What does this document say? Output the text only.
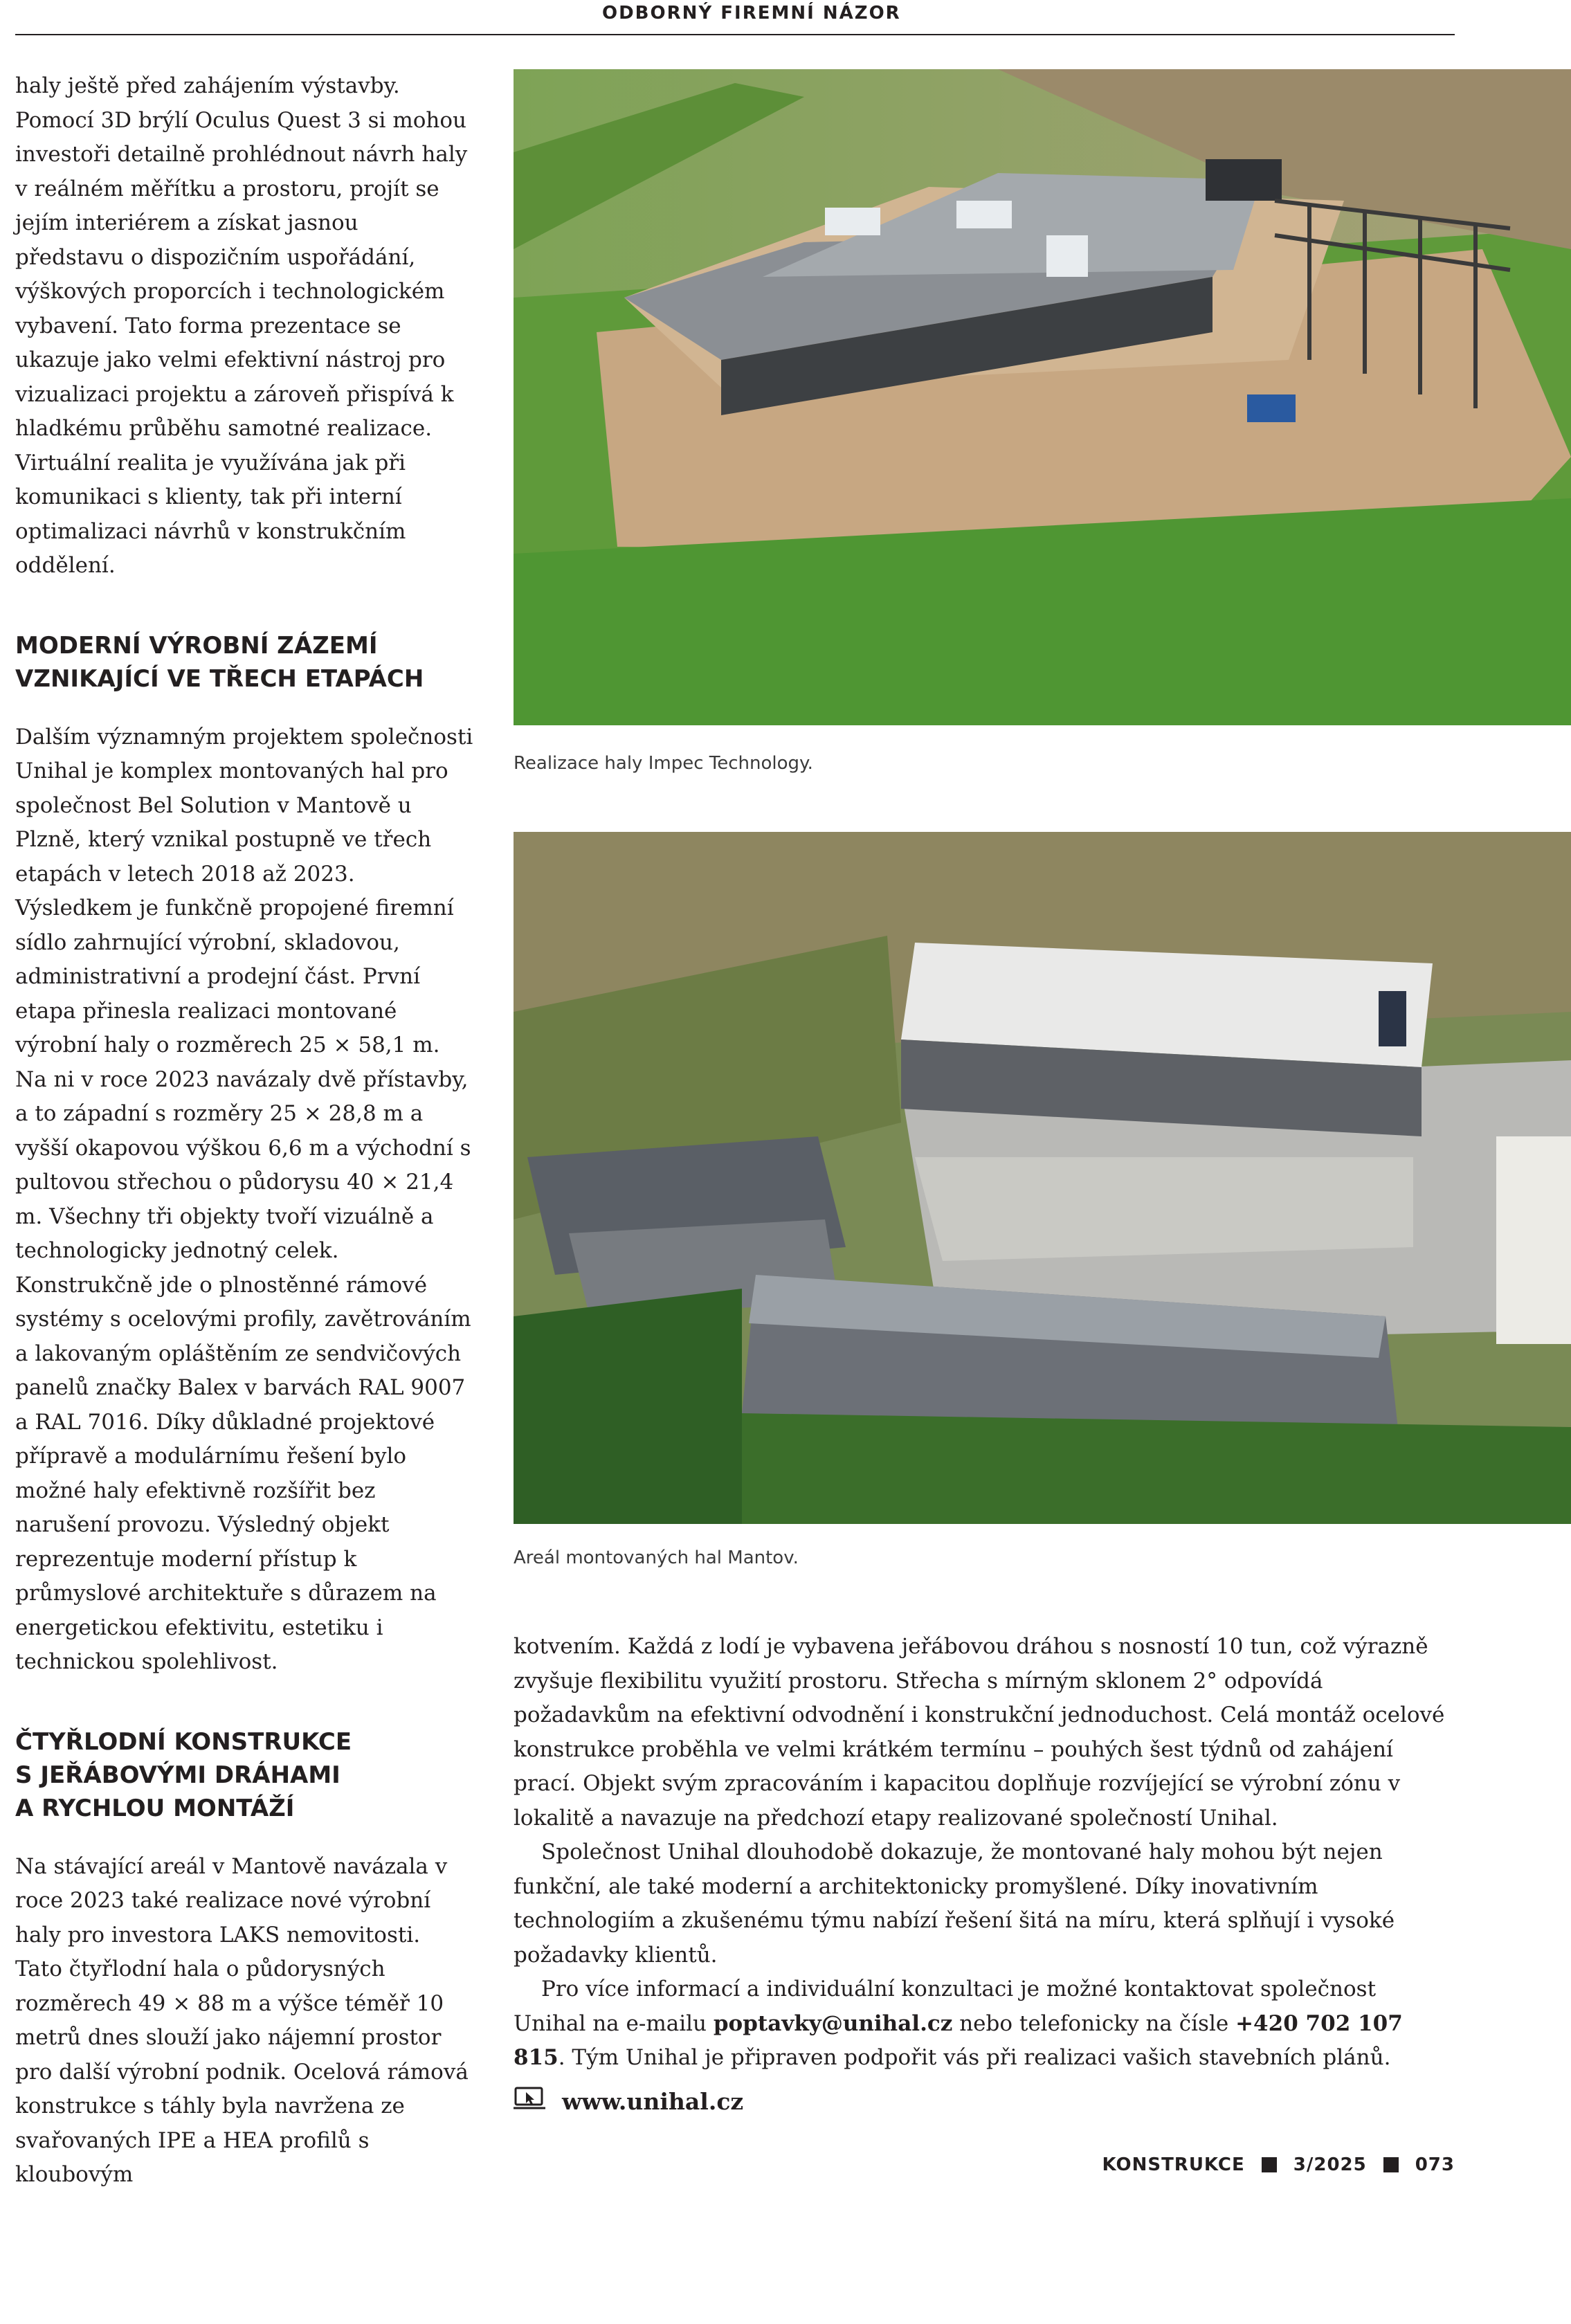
ODBORNÝ FIREMNÍ NÁZOR

haly ještě před zahájením výstavby. Pomocí 3D brýlí Oculus Quest 3 si mohou investoři detailně prohlédnout návrh haly v reálném měřítku a prostoru, projít se jejím interiérem a získat jasnou představu o dispozičním uspořádání, výškových proporcích i technologickém vybavení. Tato forma prezentace se ukazuje jako velmi efektivní nástroj pro vizualizaci projektu a zároveň přispívá k hladkému průběhu samotné realizace. Virtuální realita je využívána jak při komunikaci s klienty, tak při interní optimalizaci návrhů v konstrukčním oddělení.

MODERNÍ VÝROBNÍ ZÁZEMÍ
VZNIKAJÍCÍ VE TŘECH ETAPÁCH

Dalším významným projektem společnosti Unihal je komplex montovaných hal pro společnost Bel Solution v Mantově u Plzně, který vznikal postupně ve třech etapách v letech 2018 až 2023. Výsledkem je funkčně propojené firemní sídlo zahrnující výrobní, skladovou, administrativní a prodejní část. První etapa přinesla realizaci montované výrobní haly o rozměrech 25 × 58,1 m. Na ni v roce 2023 navázaly dvě přístavby, a to západní s rozměry 25 × 28,8 m a vyšší okapovou výškou 6,6 m a východní s pultovou střechou o půdorysu 40 × 21,4 m. Všechny tři objekty tvoří vizuálně a technologicky jednotný celek. Konstrukčně jde o plnostěnné rámové systémy s ocelovými profily, zavětrováním a lakovaným opláštěním ze sendvičových panelů značky Balex v barvách RAL 9007 a RAL 7016. Díky důkladné projektové přípravě a modulárnímu řešení bylo možné haly efektivně rozšířit bez narušení provozu. Výsledný objekt reprezentuje moderní přístup k průmyslové architektuře s důrazem na energetickou efektivitu, estetiku i technickou spolehlivost.

ČTYŘLODNÍ KONSTRUKCE
S JEŘÁBOVÝMI DRÁHAMI
A RYCHLOU MONTÁŽÍ

Na stávající areál v Mantově navázala v roce 2023 také realizace nové výrobní haly pro investora LAKS nemovitosti. Tato čtyřlodní hala o půdorysných rozměrech 49 × 88 m a výšce téměř 10 metrů dnes slouží jako nájemní prostor pro další výrobní podnik. Ocelová rámová konstrukce s táhly byla navržena ze svařovaných IPE a HEA profilů s kloubovým

Realizace haly Impec Technology.
Areál montovaných hal Mantov.

kotvením. Každá z lodí je vybavena jeřábovou dráhou s nosností 10 tun, což výrazně zvyšuje flexibilitu využití prostoru. Střecha s mírným sklonem 2° odpovídá požadavkům na efektivní odvodnění i konstrukční jednoduchost. Celá montáž ocelové konstrukce proběhla ve velmi krátkém termínu – pouhých šest týdnů od zahájení prací. Objekt svým zpracováním i kapacitou doplňuje rozvíjející se výrobní zónu v lokalitě a navazuje na předchozí etapy realizované společností Unihal.

Společnost Unihal dlouhodobě dokazuje, že montované haly mohou být nejen funkční, ale také moderní a architektonicky promyšlené. Díky inovativním technologiím a zkušenému týmu nabízí řešení šitá na míru, která splňují i vysoké požadavky klientů.

Pro více informací a individuální konzultaci je možné kontaktovat společnost Unihal na e-mailu poptavky@unihal.cz nebo telefonicky na čísle +420 702 107 815. Tým Unihal je připraven podpořit vás při realizaci vašich stavebních plánů.

www.unihal.cz
KONSTRUKCE	3/2025	073
